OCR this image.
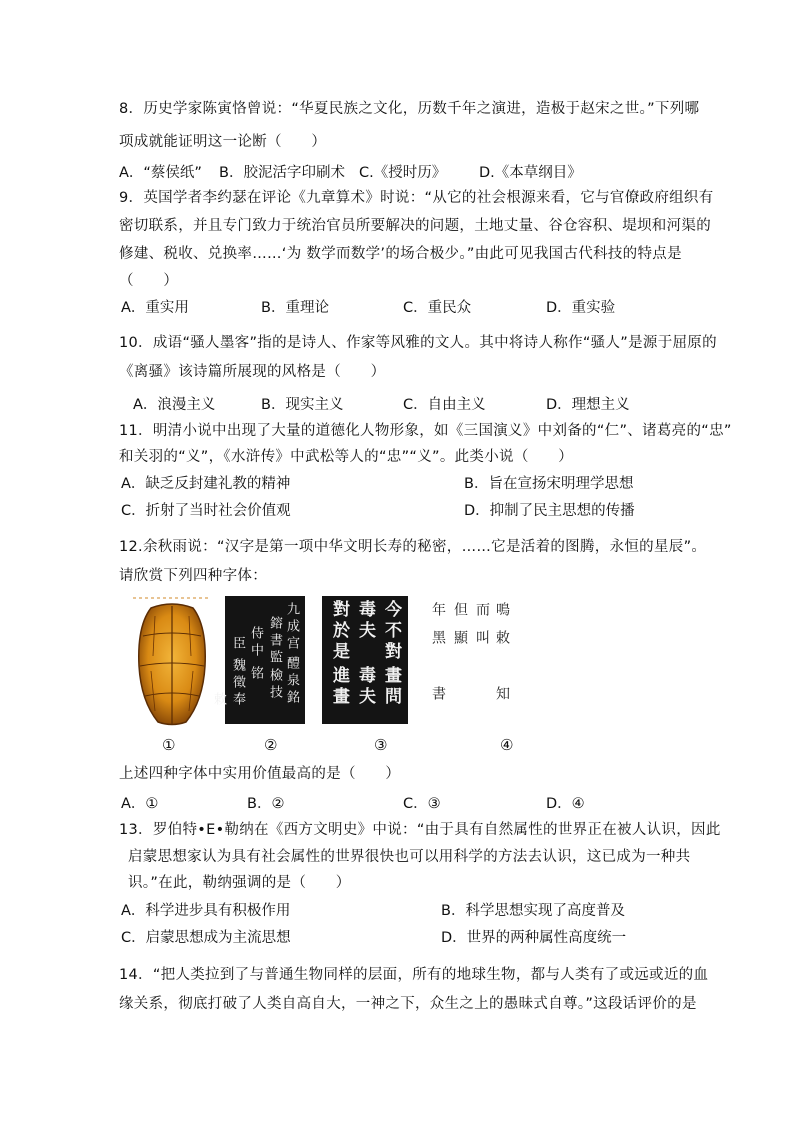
8．历史学家陈寅恪曾说：“华夏民族之文化，历数千年之演进，造极于赵宋之世。”下列哪
项成就能证明这一论断（　　）
A．“蔡侯纸” B．胶泥活字印刷术 C.《授时历》 D.《本草纲目》
9．英国学者李约瑟在评论《九章算术》时说：“从它的社会根源来看，它与官僚政府组织有
密切联系，并且专门致力于统治官员所要解决的问题，土地丈量、谷仓容积、堤坝和河渠的
修建、税收、兑换率……‘为 数学而数学’的场合极少。”由此可见我国古代科技的特点是
（　　）
A．重实用	B．重理论	C．重民众	D．重实验
10．成语“骚人墨客”指的是诗人、作家等风雅的文人。其中将诗人称作“骚人”是源于屈原的
《离骚》该诗篇所展现的风格是（　　）
A．浪漫主义	B．现实主义	C．自由主义	D．理想主义
11．明清小说中出现了大量的道德化人物形象，如《三国演义》中刘备的“仁”、诸葛亮的“忠”
和关羽的“义”，《水浒传》中武松等人的“忠”“义”。此类小说（　　）
A．缺乏反封建礼教的精神	B．旨在宣扬宋明理学思想
C．折射了当时社会价值观	D．抑制了民主思想的传播
12.余秋雨说：“汉字是第一项中华文明长寿的秘密，……它是活着的图腾，永恒的星辰”。
请欣赏下列四种字体：
九成宫
鎔書監
醴泉銘
檢技
侍中
铭
臣
魏徵
奉敕
今不對
畫問
毒夫
毒夫
對於是
進畫
年 但 而 鳴
黑 顯 叫 敕
書	知
①	②	③	④
上述四种字体中实用价值最高的是（　　）
A．①	B．②	C．③	D．④
13．罗伯特•E•勒纳在《西方文明史》中说：“由于具有自然属性的世界正在被人认识，因此
启蒙思想家认为具有社会属性的世界很快也可以用科学的方法去认识，这已成为一种共
识。”在此，勒纳强调的是（　　）
A．科学进步具有积极作用	B．科学思想实现了高度普及
C．启蒙思想成为主流思想	D．世界的两种属性高度统一
14．“把人类拉到了与普通生物同样的层面，所有的地球生物，都与人类有了或远或近的血
缘关系，彻底打破了人类自高自大，一神之下，众生之上的愚昧式自尊。”这段话评价的是
